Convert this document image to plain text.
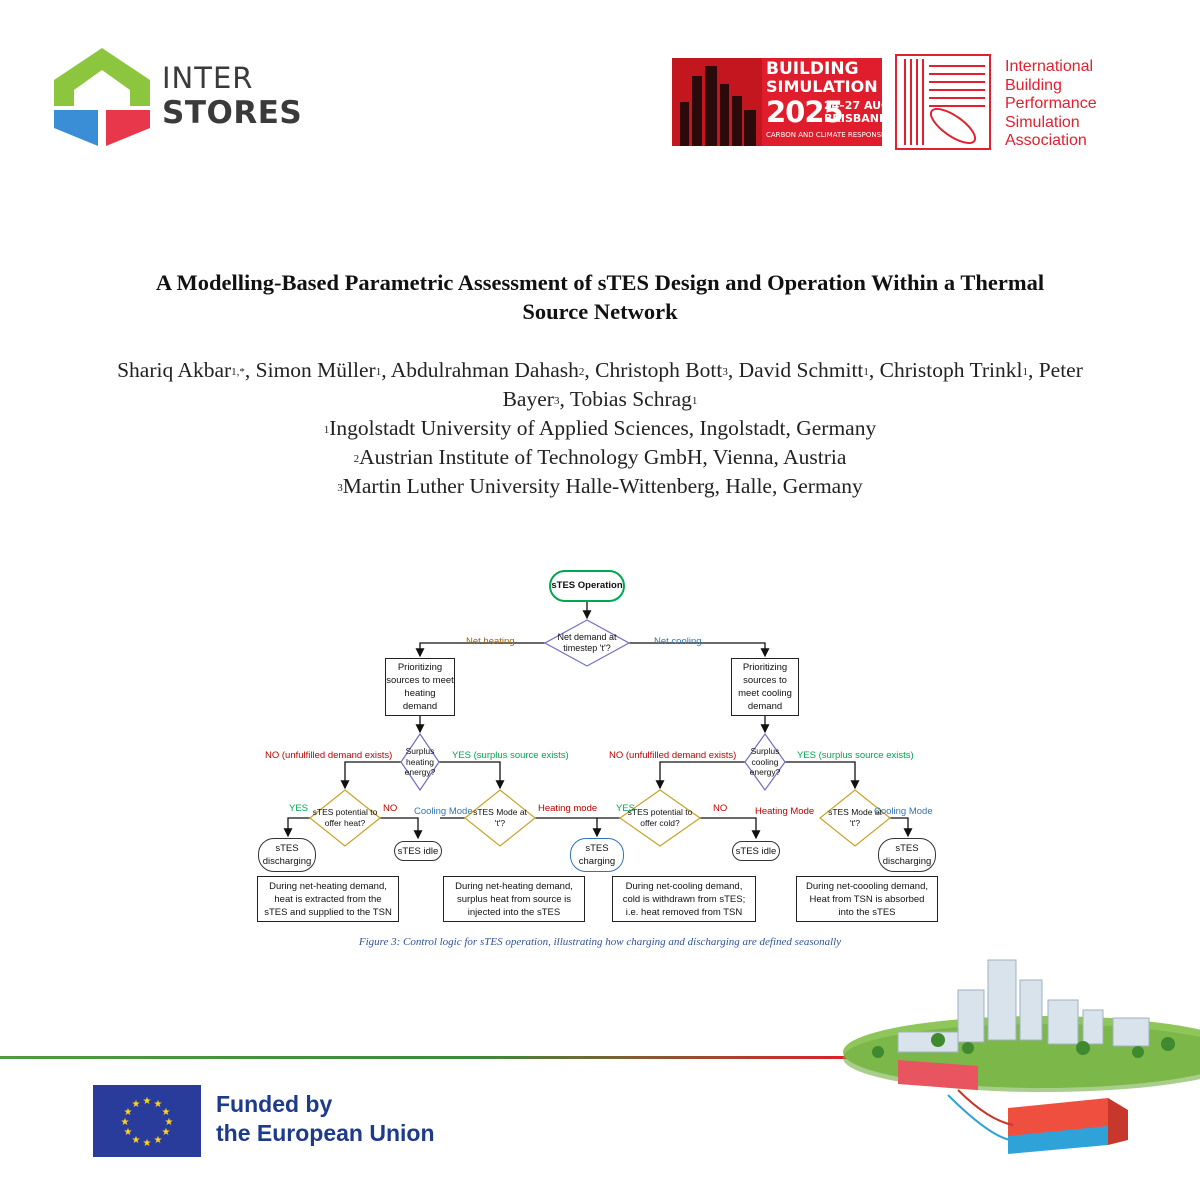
INTER
STORES
BUILDING
SIMULATION
2025
24–27 AUG
BRISBANE
CARBON AND CLIMATE RESPONSIVE
International
Building
Performance
Simulation
Association
A Modelling-Based Parametric Assessment of sTES Design and Operation Within a Thermal
Source Network
Shariq Akbar$^{1,*}$, Simon Müller$^1$, Abdulrahman Dahash$^2$, Christoph Bott$^3$, David Schmitt$^1$, Christoph Trinkl$^1$, Peter Bayer$^3$, Tobias Schrag$^1$
$^1$Ingolstadt University of Applied Sciences, Ingolstadt, Germany
$^2$Austrian Institute of Technology GmbH, Vienna, Austria
$^3$Martin Luther University Halle-Wittenberg, Halle, Germany
sTES Operation
Net demand at timestep 't'?
Net heating	Net cooling
Prioritizing sources to meet heating demand
Prioritizing sources to meet cooling demand
Surplus heating energy?
Surplus cooling energy?
NO (unfulfilled demand exists)	YES (surplus source exists)	NO (unfulfilled demand exists)	YES (surplus source exists)
sTES potential to offer heat?
sTES Mode at 't'?
sTES potential to offer cold?
sTES Mode at 't'?
YES	NO Cooling Mode	Heating mode YES	NO	Heating Mode	Cooling Mode
sTES discharging
sTES idle	sTES charging
sTES idle	sTES discharging
During net-heating demand, heat is extracted from the sTES and supplied to the TSN
During net-heating demand, surplus heat from source is injected into the sTES
During net-cooling demand, cold is withdrawn from sTES; i.e. heat removed from TSN
During net-coooling demand, Heat from TSN is absorbed into the sTES
Figure 3: Control logic for sTES operation, illustrating how charging and discharging are defined seasonally
★ ★
★
★
★
★
★
★
★
★
★
★	Funded by
the European Union
